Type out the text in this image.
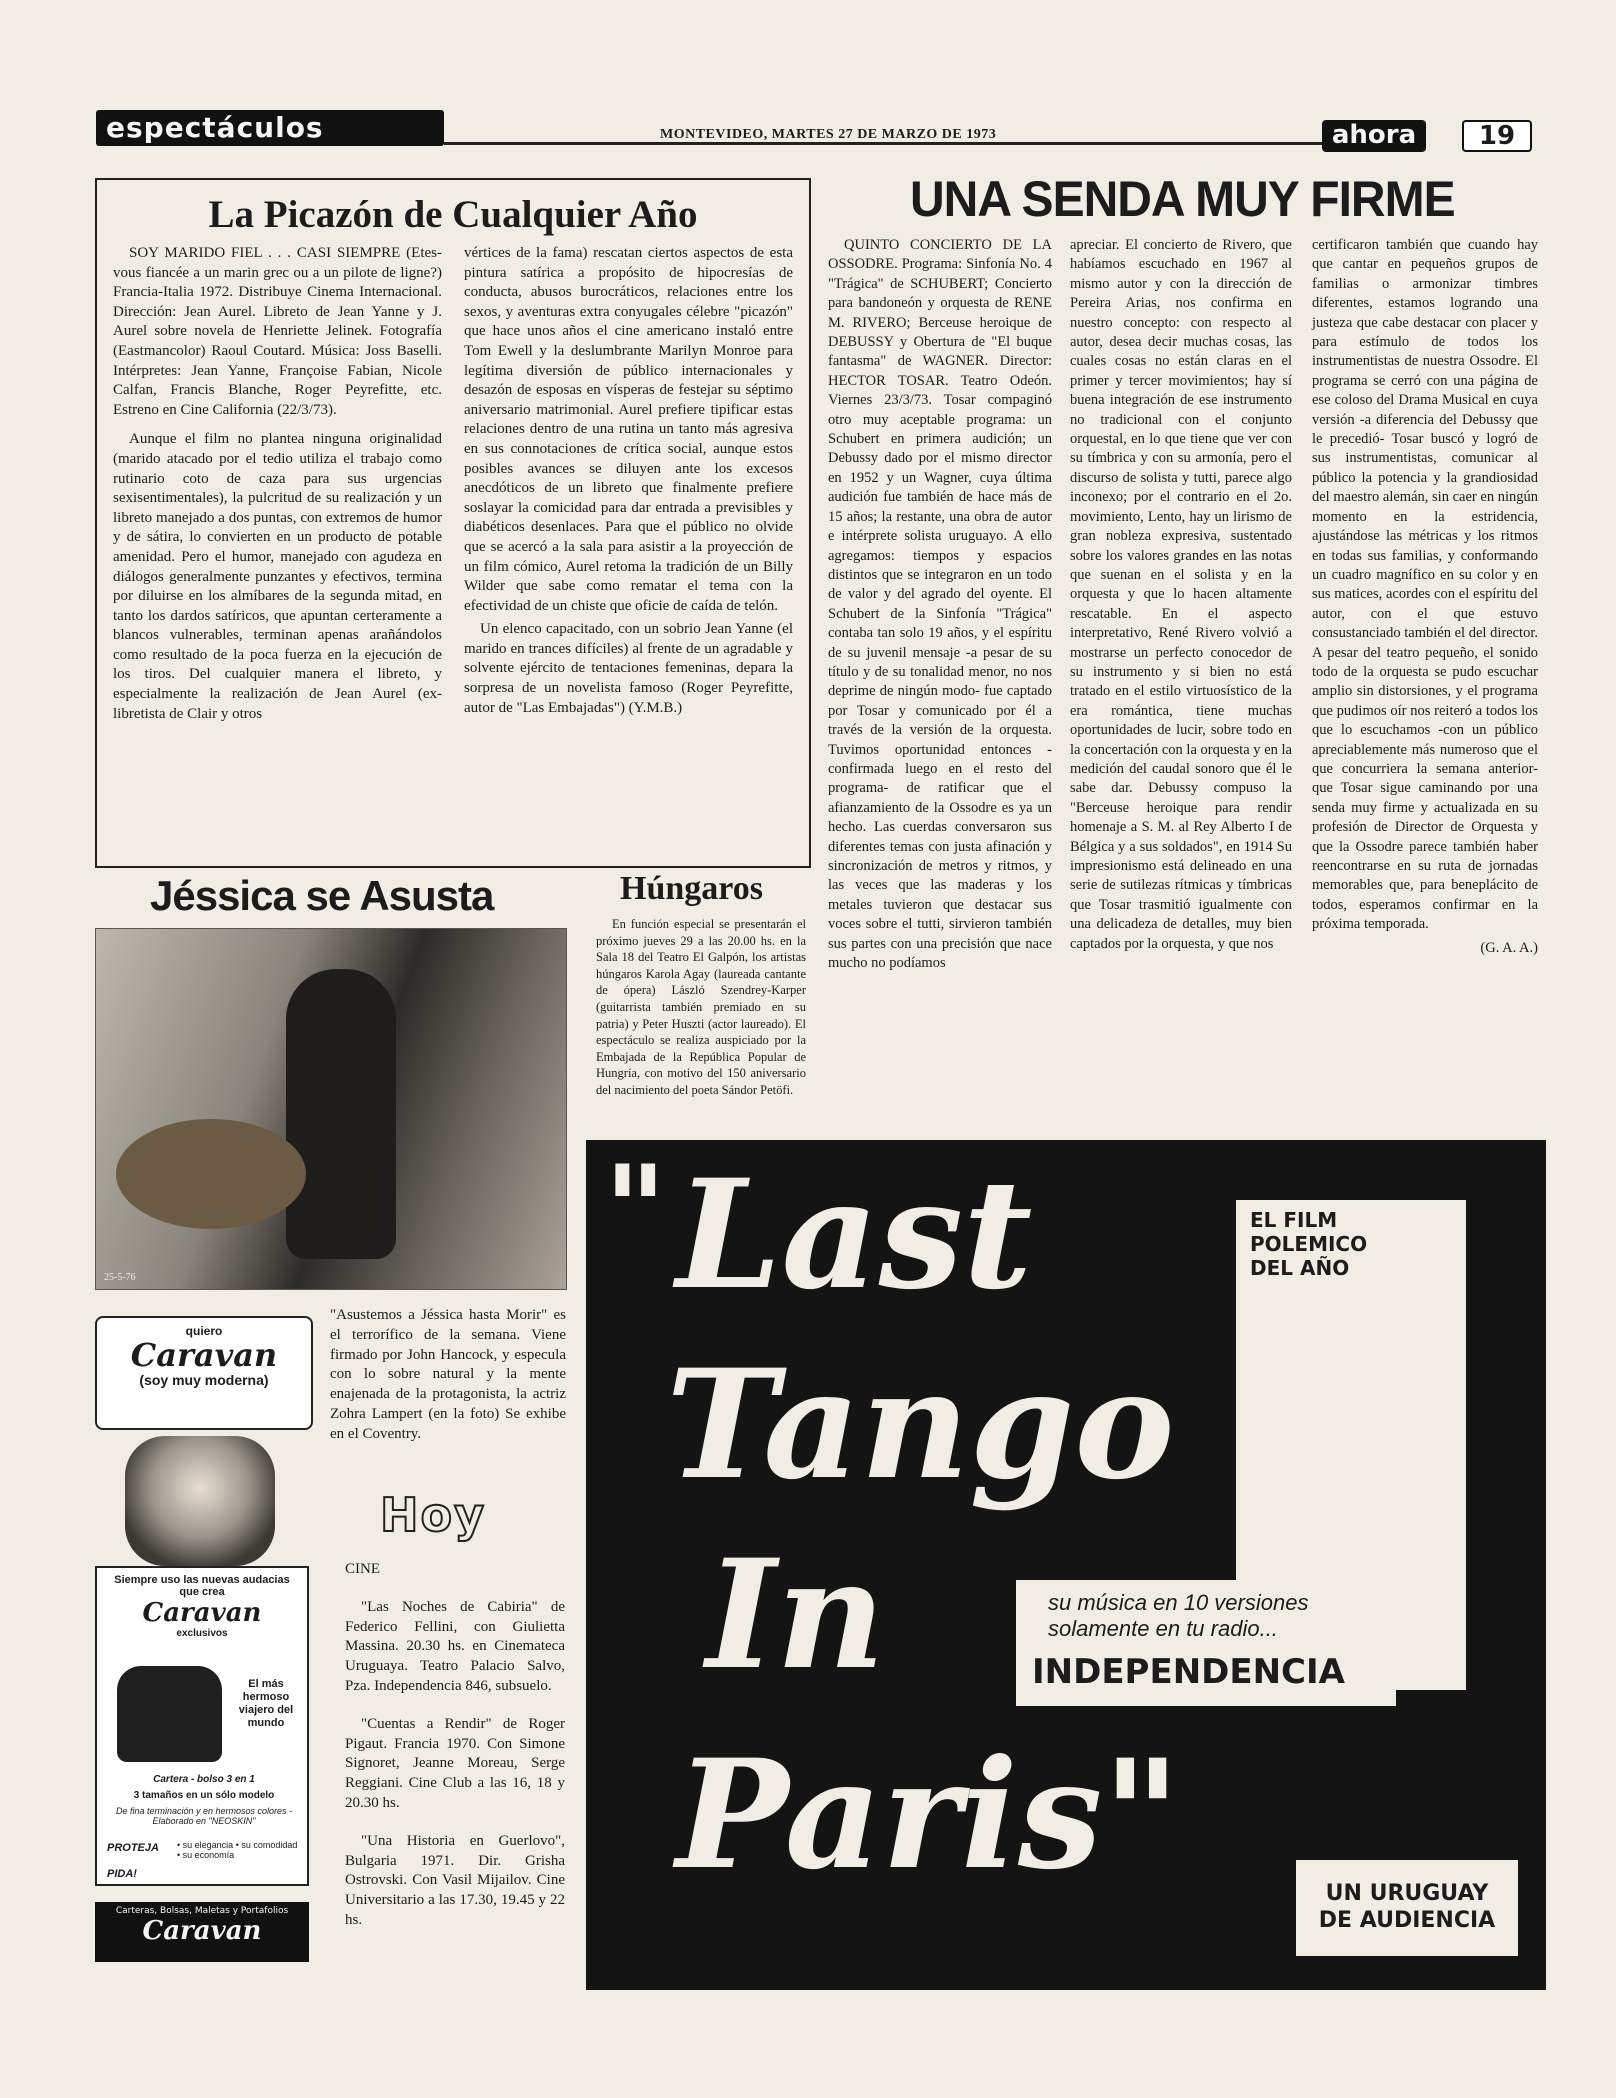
espectáculos	MONTEVIDEO, MARTES 27 DE MARZO DE 1973	ahora	19
La Picazón de Cualquier Año

SOY MARIDO FIEL . . . CASI SIEMPRE (Etes-vous fiancée a un marin grec ou a un pilote de ligne?) Francia-Italia 1972. Distribuye Cinema Internacional. Dirección: Jean Aurel. Libreto de Jean Yanne y J. Aurel sobre novela de Henriette Jelinek. Fotografía (Eastmancolor) Raoul Coutard. Música: Joss Baselli. Intérpretes: Jean Yanne, Françoise Fabian, Nicole Calfan, Francis Blanche, Roger Peyrefitte, etc. Estreno en Cine California (22/3/73).

Aunque el film no plantea ninguna originalidad (marido atacado por el tedio utiliza el trabajo como rutinario coto de caza para sus urgencias sexisentimentales), la pulcritud de su realización y un libreto manejado a dos puntas, con extremos de humor y de sátira, lo convierten en un producto de potable amenidad. Pero el humor, manejado con agudeza en diálogos generalmente punzantes y efectivos, termina por diluirse en los almíbares de la segunda mitad, en tanto los dardos satíricos, que apuntan certeramente a blancos vulnerables, terminan apenas arañándolos como resultado de la poca fuerza en la ejecución de los tiros. Del cualquier manera el libreto, y especialmente la realización de Jean Aurel (ex-libretista de Clair y otros

vértices de la fama) rescatan ciertos aspectos de esta pintura satírica a propósito de hipocresías de conducta, abusos burocráticos, relaciones entre los sexos, y aventuras extra conyugales célebre "picazón" que hace unos años el cine americano instaló entre Tom Ewell y la deslumbrante Marilyn Monroe para legítima diversión de público internacionales y desazón de esposas en vísperas de festejar su séptimo aniversario matrimonial. Aurel prefiere tipificar estas relaciones dentro de una rutina un tanto más agresiva en sus connotaciones de crítica social, aunque estos posibles avances se diluyen ante los excesos anecdóticos de un libreto que finalmente prefiere soslayar la comicidad para dar entrada a previsibles y diabéticos desenlaces. Para que el público no olvide que se acercó a la sala para asistir a la proyección de un film cómico, Aurel retoma la tradición de un Billy Wilder que sabe como rematar el tema con la efectividad de un chiste que oficie de caída de telón.

Un elenco capacitado, con un sobrio Jean Yanne (el marido en trances difíciles) al frente de un agradable y solvente ejército de tentaciones femeninas, depara la sorpresa de un novelista famoso (Roger Peyrefitte, autor de "Las Embajadas") (Y.M.B.)

UNA SENDA MUY FIRME

QUINTO CONCIERTO DE LA OSSODRE. Programa: Sinfonía No. 4 "Trágica" de SCHUBERT; Concierto para bandoneón y orquesta de RENE M. RIVERO; Berceuse heroique de DEBUSSY y Obertura de "El buque fantasma" de WAGNER. Director: HECTOR TOSAR. Teatro Odeón. Viernes 23/3/73. Tosar compaginó otro muy aceptable programa: un Schubert en primera audición; un Debussy dado por el mismo director en 1952 y un Wagner, cuya última audición fue también de hace más de 15 años; la restante, una obra de autor e intérprete solista uruguayo. A ello agregamos: tiempos y espacios distintos que se integraron en un todo de valor y del agrado del oyente. El Schubert de la Sinfonía "Trágica" contaba tan solo 19 años, y el espíritu de su juvenil mensaje -a pesar de su título y de su tonalidad menor, no nos deprime de ningún modo- fue captado por Tosar y comunicado por él a través de la versión de la orquesta. Tuvimos oportunidad entonces -confirmada luego en el resto del programa- de ratificar que el afianzamiento de la Ossodre es ya un hecho. Las cuerdas conversaron sus diferentes temas con justa afinación y sincronización de metros y ritmos, y las veces que las maderas y los metales tuvieron que destacar sus voces sobre el tutti, sirvieron también sus partes con una precisión que nace mucho no podíamos

apreciar. El concierto de Rivero, que habíamos escuchado en 1967 al mismo autor y con la dirección de Pereira Arias, nos confirma en nuestro concepto: con respecto al autor, desea decir muchas cosas, las cuales cosas no están claras en el primer y tercer movimientos; hay sí buena integración de ese instrumento no tradicional con el conjunto orquestal, en lo que tiene que ver con su tímbrica y con su armonía, pero el discurso de solista y tutti, parece algo inconexo; por el contrario en el 2o. movimiento, Lento, hay un lirismo de gran nobleza expresiva, sustentado sobre los valores grandes en las notas que suenan en el solista y en la orquesta y que lo hacen altamente rescatable. En el aspecto interpretativo, René Rivero volvió a mostrarse un perfecto conocedor de su instrumento y si bien no está tratado en el estilo virtuosístico de la era romántica, tiene muchas oportunidades de lucir, sobre todo en la concertación con la orquesta y en la medición del caudal sonoro que él le sabe dar. Debussy compuso la "Berceuse heroique para rendir homenaje a S. M. al Rey Alberto I de Bélgica y a sus soldados", en 1914 Su impresionismo está delineado en una serie de sutilezas rítmicas y tímbricas que Tosar trasmitió igualmente con una delicadeza de detalles, muy bien captados por la orquesta, y que nos

certificaron también que cuando hay que cantar en pequeños grupos de familias o armonizar timbres diferentes, estamos logrando una justeza que cabe destacar con placer y para estímulo de todos los instrumentistas de nuestra Ossodre. El programa se cerró con una página de ese coloso del Drama Musical en cuya versión -a diferencia del Debussy que le precedió- Tosar buscó y logró de sus instrumentistas, comunicar al público la potencia y la grandiosidad del maestro alemán, sin caer en ningún momento en la estridencia, ajustándose las métricas y los ritmos en todas sus familias, y conformando un cuadro magnífico en su color y en sus matices, acordes con el espíritu del autor, con el que estuvo consustanciado también el del director. A pesar del teatro pequeño, el sonido todo de la orquesta se pudo escuchar amplio sin distorsiones, y el programa que pudimos oír nos reiteró a todos los que lo escuchamos -con un público apreciablemente más numeroso que el que concurriera la semana anterior- que Tosar sigue caminando por una senda muy firme y actualizada en su profesión de Director de Orquesta y que la Ossodre parece también haber reencontrarse en su ruta de jornadas memorables que, para beneplácito de todos, esperamos confirmar en la próxima temporada.

(G. A. A.)
Jéssica se Asusta
25-5-76

"Asustemos a Jéssica hasta Morir" es el terrorífico de la semana. Viene firmado por John Hancock, y especula con lo sobre natural y la mente enajenada de la protagonista, la actriz Zohra Lampert (en la foto) Se exhibe en el Coventry.

Húngaros

En función especial se presentarán el próximo jueves 29 a las 20.00 hs. en la Sala 18 del Teatro El Galpón, los artistas húngaros Karola Agay (laureada cantante de ópera) László Szendrey-Karper (guitarrista también premiado en su patria) y Peter Huszti (actor laureado). El espectáculo se realiza auspiciado por la Embajada de la República Popular de Hungría, con motivo del 150 aniversario del nacimiento del poeta Sándor Petöfi.

quiero
Caravan
(soy muy moderna)
Siempre uso las nuevas audacias que crea
Caravan
exclusivos
El más hermoso viajero del mundo
Cartera - bolso 3 en 1
3 tamaños en un sólo modelo
De fina terminación y en hermosos colores - Elaborado en "NEOSKIN"
PROTEJA • su elegancia • su comodidad • su economía
PIDA!
Carteras, Bolsas, Maletas y Portafolios
Caravan
Hoy
CINE

"Las Noches de Cabiria" de Federico Fellini, con Giulietta Massina. 20.30 hs. en Cinemateca Uruguaya. Teatro Palacio Salvo, Pza. Independencia 846, subsuelo.

"Cuentas a Rendir" de Roger Pigaut. Francia 1970. Con Simone Signoret, Jeanne Moreau, Serge Reggiani. Cine Club a las 16, 18 y 20.30 hs.

"Una Historia en Guerlovo", Bulgaria 1971. Dir. Grisha Ostrovski. Con Vasil Mijailov. Cine Universitario a las 17.30, 19.45 y 22 hs.

" Last
Tango
In
Paris"
EL FILM POLEMICO DEL AÑO
su música en 10 versiones solamente en tu radio...
INDEPENDENCIA
UN URUGUAY DE AUDIENCIA
